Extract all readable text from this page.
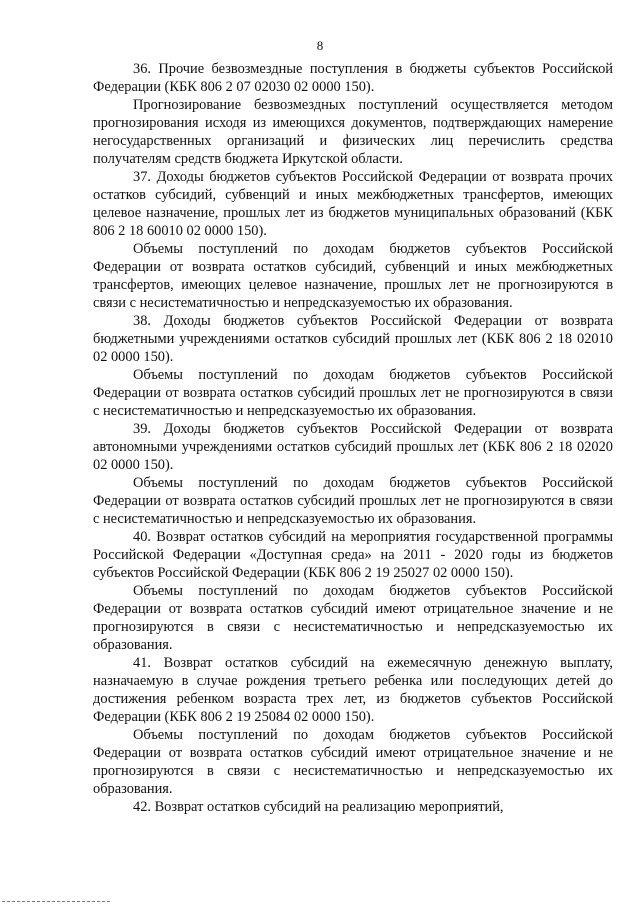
8

36. Прочие безвозмездные поступления в бюджеты субъектов Российской Федерации (КБК 806 2 07 02030 02 0000 150).

Прогнозирование безвозмездных поступлений осуществляется методом прогнозирования исходя из имеющихся документов, подтверждающих намерение негосударственных организаций и физических лиц перечислить средства получателям средств бюджета Иркутской области.

37. Доходы бюджетов субъектов Российской Федерации от возврата прочих остатков субсидий, субвенций и иных межбюджетных трансфертов, имеющих целевое назначение, прошлых лет из бюджетов муниципальных образований (КБК 806 2 18 60010 02 0000 150).

Объемы поступлений по доходам бюджетов субъектов Российской Федерации от возврата остатков субсидий, субвенций и иных межбюджетных трансфертов, имеющих целевое назначение, прошлых лет не прогнозируются в связи с несистематичностью и непредсказуемостью их образования.

38. Доходы бюджетов субъектов Российской Федерации от возврата бюджетными учреждениями остатков субсидий прошлых лет (КБК 806 2 18 02010 02 0000 150).

Объемы поступлений по доходам бюджетов субъектов Российской Федерации от возврата остатков субсидий прошлых лет не прогнозируются в связи с несистематичностью и непредсказуемостью их образования.

39. Доходы бюджетов субъектов Российской Федерации от возврата автономными учреждениями остатков субсидий прошлых лет (КБК 806 2 18 02020 02 0000 150).

Объемы поступлений по доходам бюджетов субъектов Российской Федерации от возврата остатков субсидий прошлых лет не прогнозируются в связи с несистематичностью и непредсказуемостью их образования.

40. Возврат остатков субсидий на мероприятия государственной программы Российской Федерации «Доступная среда» на 2011 - 2020 годы из бюджетов субъектов Российской Федерации (КБК 806 2 19 25027 02 0000 150).

Объемы поступлений по доходам бюджетов субъектов Российской Федерации от возврата остатков субсидий имеют отрицательное значение и не прогнозируются в связи с несистематичностью и непредсказуемостью их образования.

41. Возврат остатков субсидий на ежемесячную денежную выплату, назначаемую в случае рождения третьего ребенка или последующих детей до достижения ребенком возраста трех лет, из бюджетов субъектов Российской Федерации (КБК 806 2 19 25084 02 0000 150).

Объемы поступлений по доходам бюджетов субъектов Российской Федерации от возврата остатков субсидий имеют отрицательное значение и не прогнозируются в связи с несистематичностью и непредсказуемостью их образования.

42. Возврат остатков субсидий на реализацию мероприятий,
